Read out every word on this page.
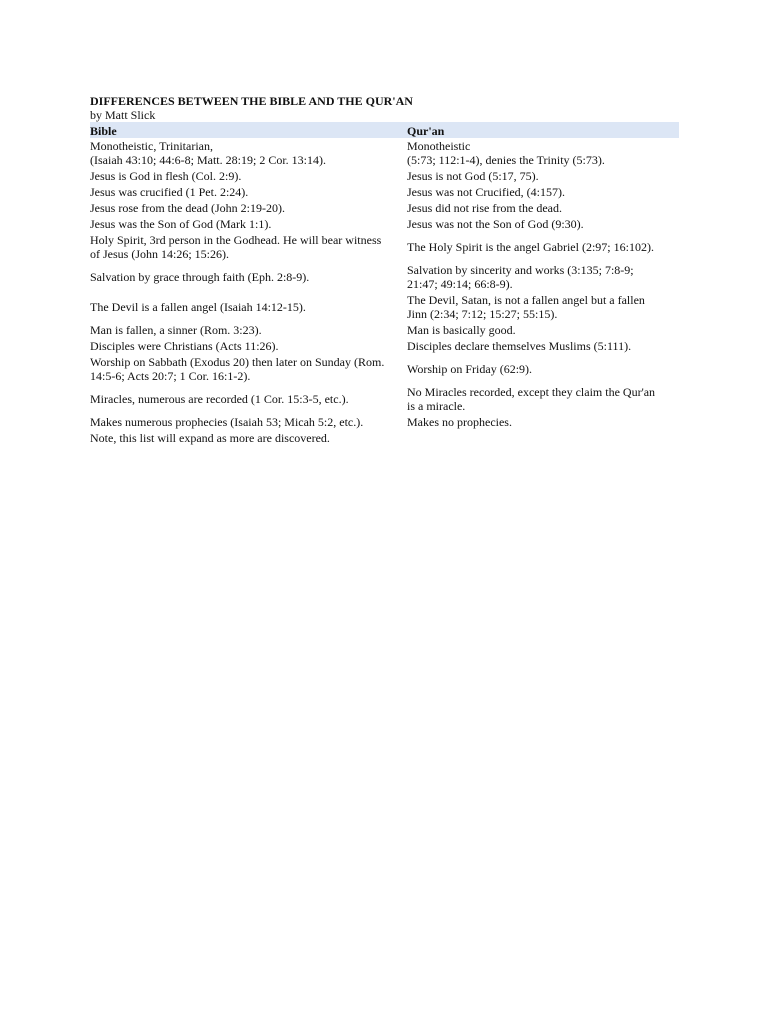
DIFFERENCES BETWEEN THE BIBLE AND THE QUR'AN

by Matt Slick

Bible	Qur'an
Monotheistic, Trinitarian,
(Isaiah 43:10; 44:6-8; Matt. 28:19; 2 Cor. 13:14).	Monotheistic
(5:73; 112:1-4), denies the Trinity (5:73).
Jesus is God in flesh (Col. 2:9).	Jesus is not God (5:17, 75).
Jesus was crucified (1 Pet. 2:24).	Jesus was not Crucified, (4:157).
Jesus rose from the dead (John 2:19-20).	Jesus did not rise from the dead.
Jesus was the Son of God (Mark 1:1).	Jesus was not the Son of God (9:30).
Holy Spirit, 3rd person in the Godhead. He will bear witness
of Jesus (John 14:26; 15:26).	The Holy Spirit is the angel Gabriel (2:97; 16:102).
Salvation by grace through faith (Eph. 2:8-9).	Salvation by sincerity and works (3:135; 7:8-9;
21:47; 49:14; 66:8-9).
The Devil is a fallen angel (Isaiah 14:12-15).	The Devil, Satan, is not a fallen angel but a fallen
Jinn (2:34; 7:12; 15:27; 55:15).
Man is fallen, a sinner (Rom. 3:23).	Man is basically good.
Disciples were Christians (Acts 11:26).	Disciples declare themselves Muslims (5:111).
Worship on Sabbath (Exodus 20) then later on Sunday (Rom.
14:5-6; Acts 20:7; 1 Cor. 16:1-2).	Worship on Friday (62:9).
Miracles, numerous are recorded (1 Cor. 15:3-5, etc.).	No Miracles recorded, except they claim the Qur'an
is a miracle.
Makes numerous prophecies (Isaiah 53; Micah 5:2, etc.).	Makes no prophecies.

Note, this list will expand as more are discovered.
